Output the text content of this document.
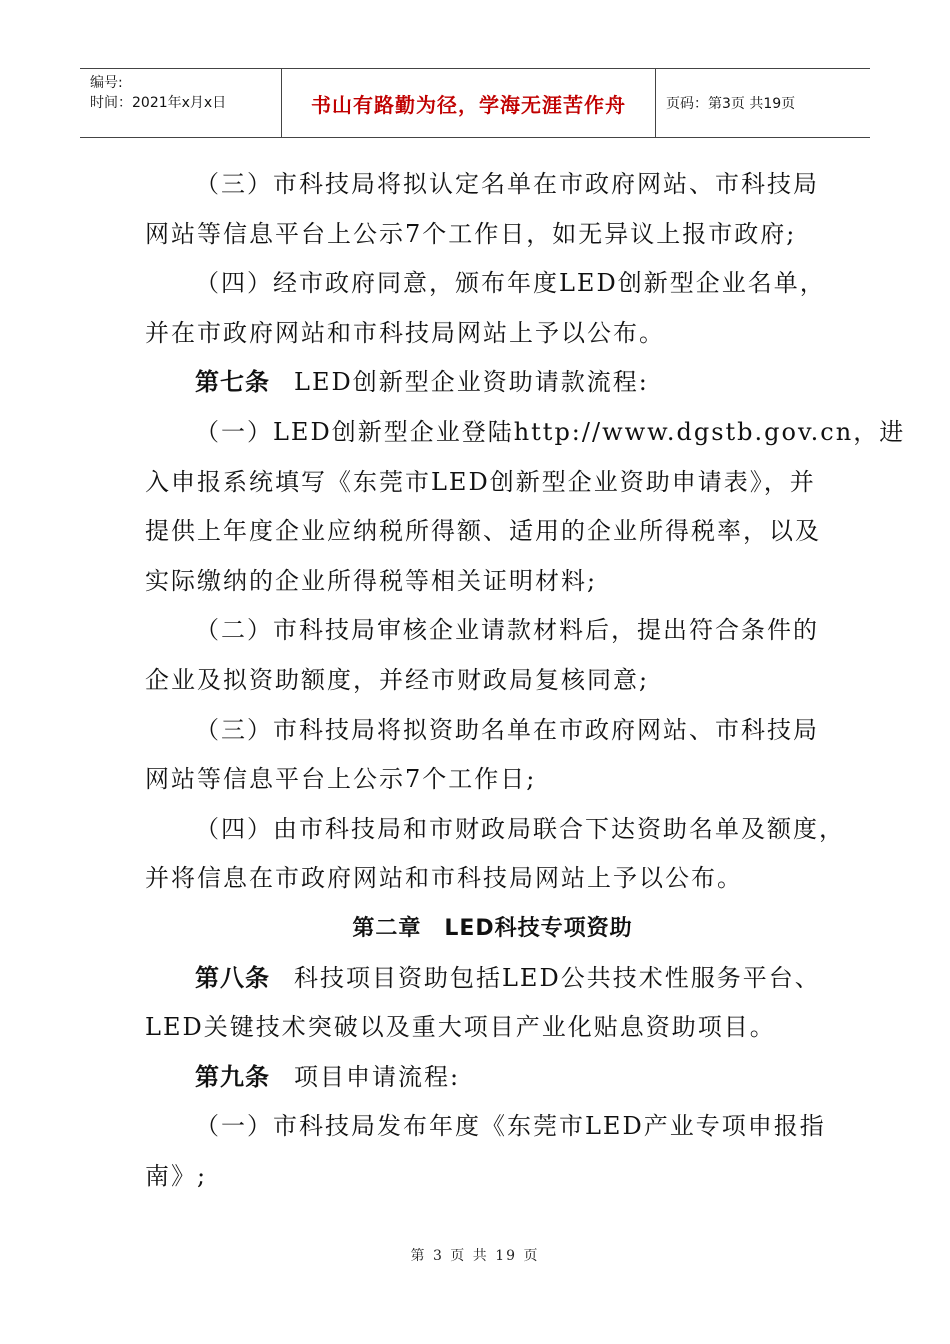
编号:
时间：2021年x月x日	书山有路勤为径，学海无涯苦作舟	页码：第3页 共19页

（三）市科技局将拟认定名单在市政府网站、市科技局

网站等信息平台上公示7个工作日，如无异议上报市政府;

（四）经市政府同意，颁布年度LED创新型企业名单，

并在市政府网站和市科技局网站上予以公布。

第七条 LED创新型企业资助请款流程:

（一）LED创新型企业登陆http://www.dgstb.gov.cn，进

入申报系统填写《东莞市LED创新型企业资助申请表》，并

提供上年度企业应纳税所得额、适用的企业所得税率，以及

实际缴纳的企业所得税等相关证明材料;

（二）市科技局审核企业请款材料后，提出符合条件的

企业及拟资助额度，并经市财政局复核同意;

（三）市科技局将拟资助名单在市政府网站、市科技局

网站等信息平台上公示7个工作日;

（四）由市科技局和市财政局联合下达资助名单及额度，

并将信息在市政府网站和市科技局网站上予以公布。

第二章　LED科技专项资助

第八条 科技项目资助包括LED公共技术性服务平台、

LED关键技术突破以及重大项目产业化贴息资助项目。

第九条 项目申请流程:

（一）市科技局发布年度《东莞市LED产业专项申报指

南》;

第 3 页 共 19 页
